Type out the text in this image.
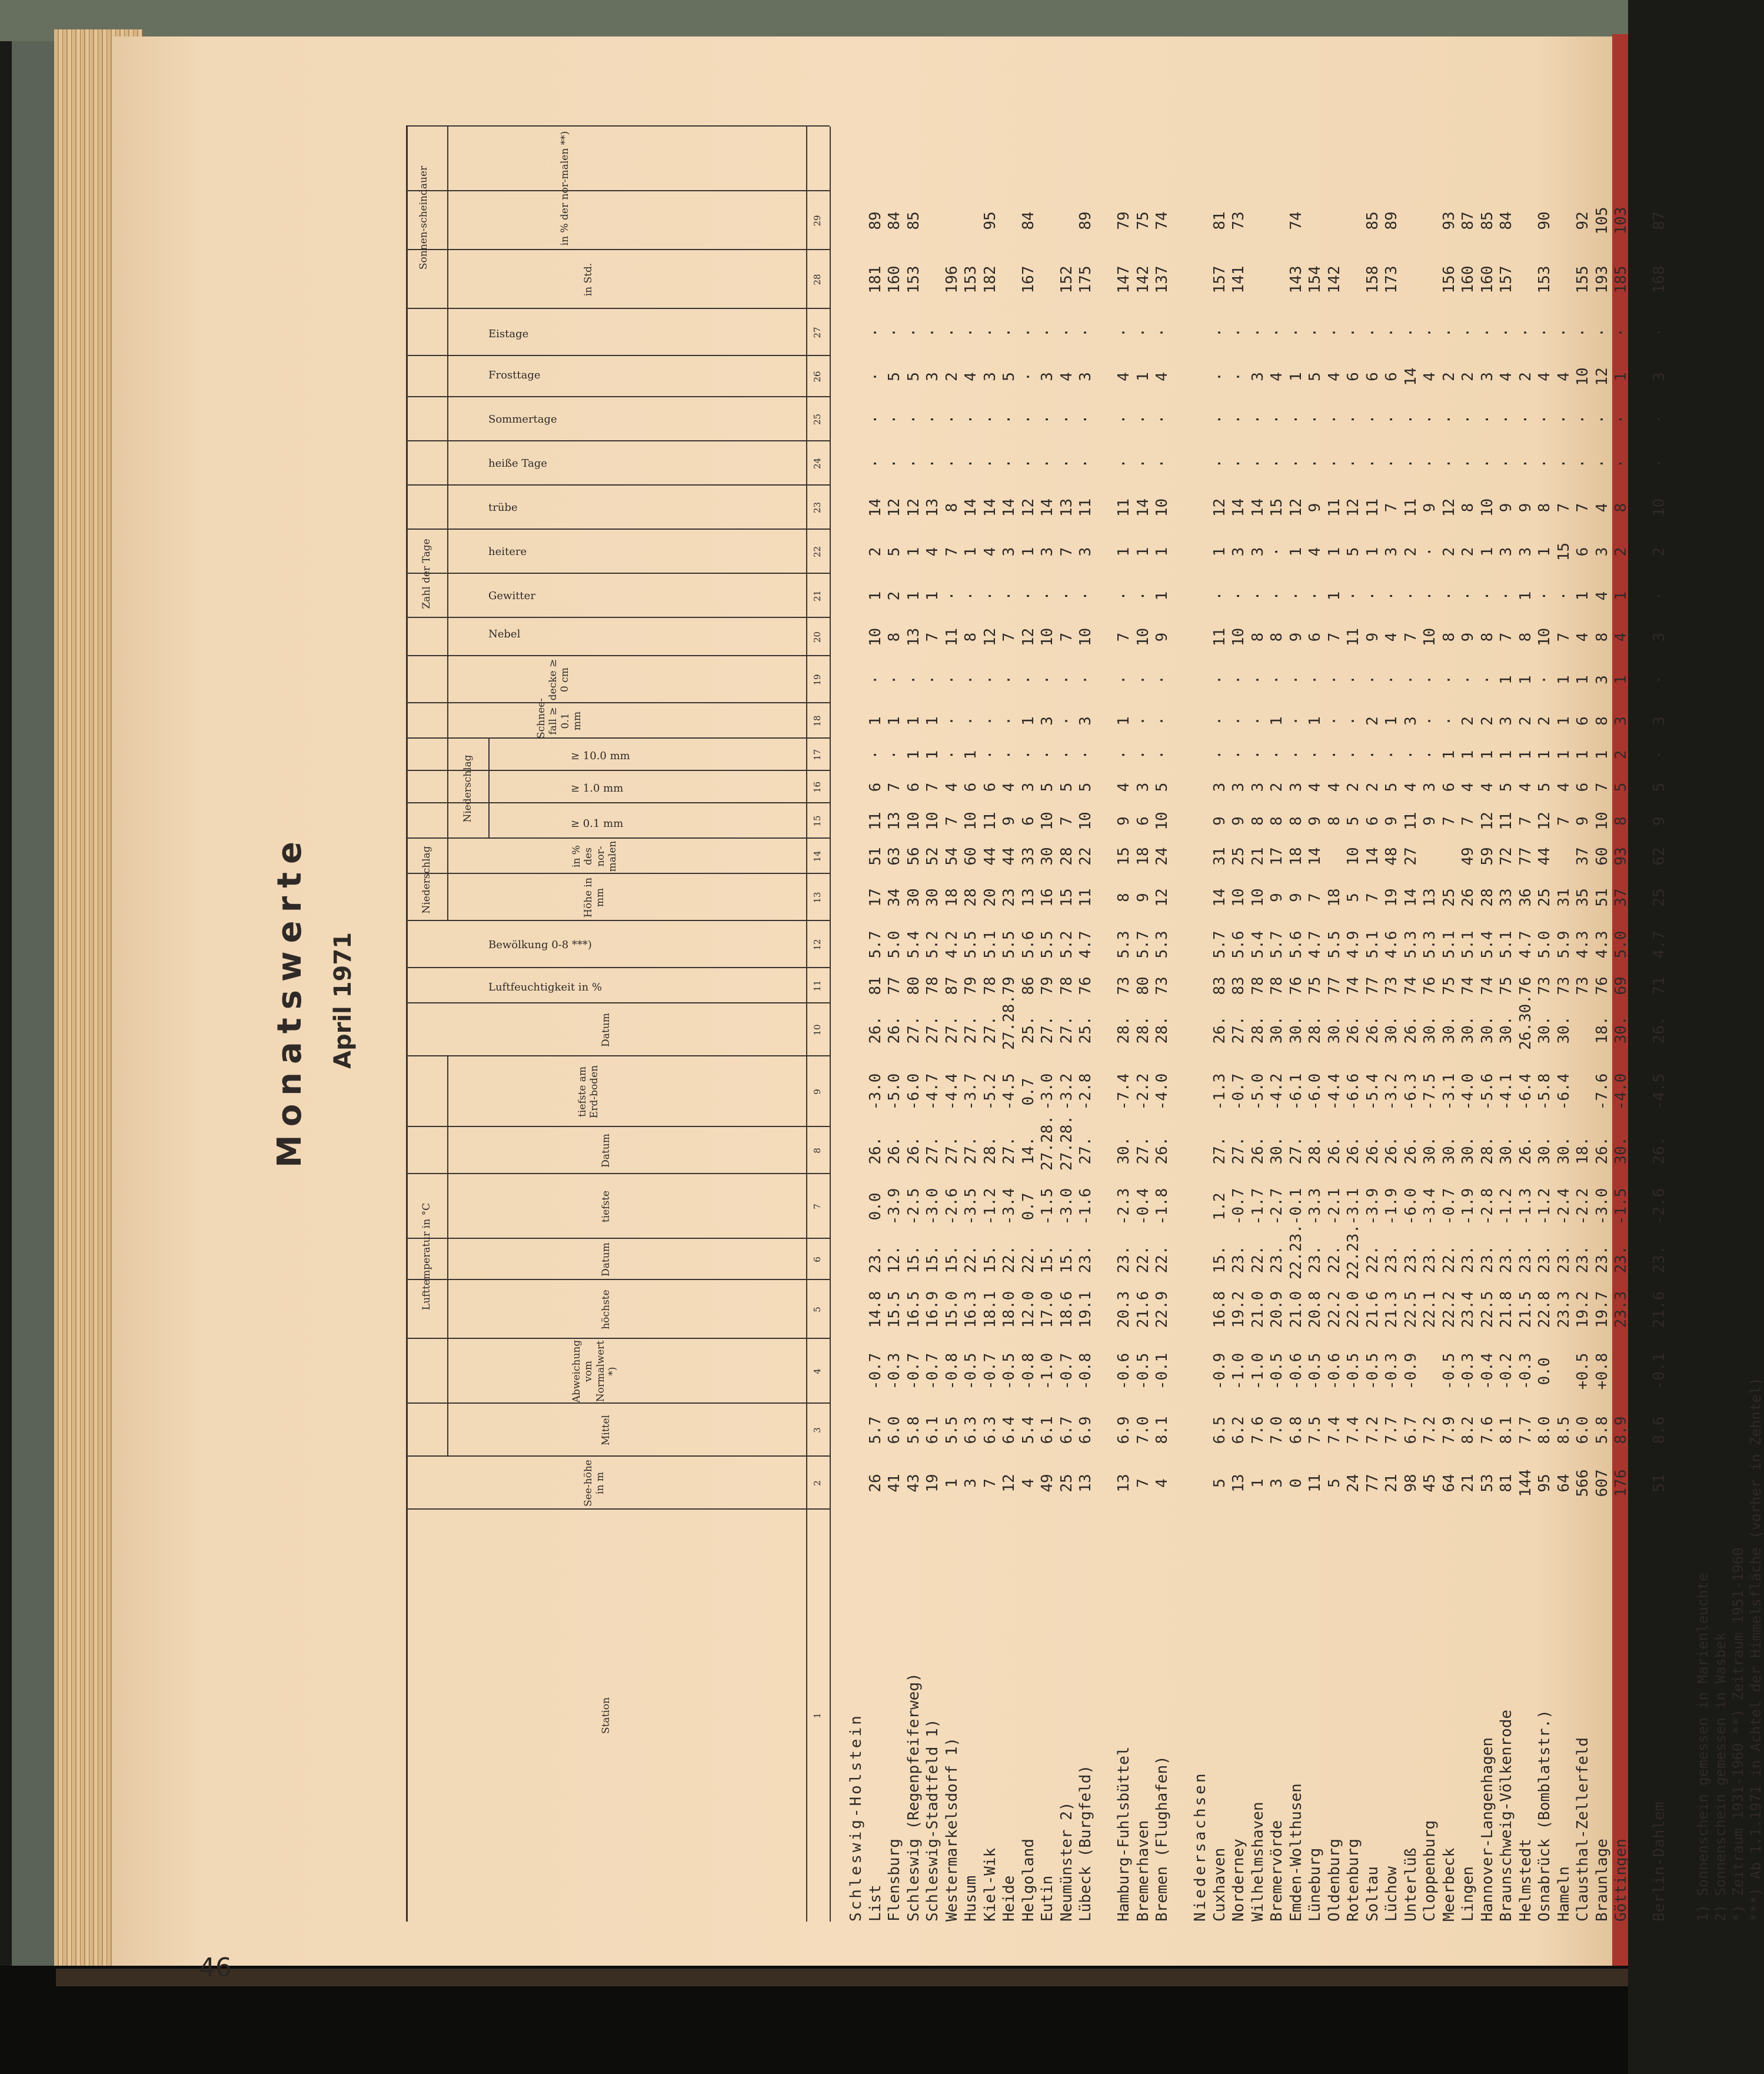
46
Monatswerte April 1971
Station
See-höhe in m
Lufttemperatur in °C
Mittel
Abweichung vom Normalwert *)
höchste
Datum
tiefste
Datum
tiefste am Erd-boden
Datum
Luftfeuchtigkeit in %
Bewölkung 0-8 ***)
Niederschlag	Höhe in mm
in % des nor-malen
Zahl der Tage
Niederschlag
≥ 0.1 mm
≥ 1.0 mm
≥ 10.0 mm
Schnee-fall ≥ 0.1 mm
decke ≥ 0 cm
Nebel
Gewitter
heitere
trübe
heiße Tage
Sommertage
Frosttage
Eistage
Sonnen-scheindauer
in Std.
in % der nor-malen **)
1
2
3
4
5
6
7
8
9
10
11
12
13
14
15
16
17
18
19
20
21
22
23
24
25
26
27
28
29
Schleswig-Holstein List
26
5.7
-0.7
14.8
23.
0.0
26.
-3.0
26.
81
5.7
17
51
11
6
·
1
·
10
1
2
14
·
·
·
·
181
89
Flensburg
41
6.0
-0.3
15.5
12.
-3.9
26.
-5.0
26.
77
5.0
34
63
13
7
·
1
·
8
2
5
12
·
·
5
·
160
84
Schleswig (Regenpfeiferweg)
43
5.8
-0.7
16.5
15.
-2.5
26.
-6.0
27.
80
5.4
30
56
10
6
1
1
·
13
1
1
12
·
·
5
·
153
85
Schleswig-Stadtfeld 1)
19
6.1
-0.7
16.9
15.
-3.0
27.
-4.7
27.
78
5.2
30
52
10
7
1
1
·
7
1
4
13
·
·
3
·
Westermarkelsdorf 1)
1
5.5
-0.8
15.0
15.
-2.6
27.
-4.4
27.
87
4.2
18
54
7
4
·
·
·
11
·
7
8
·
·
2
·
196
Husum
3
6.3
-0.5
16.3
22.
-3.5
27.
-3.7
27.
79
5.5
28
60
10
6
1
·
·
8
·
1
14
·
·
4
·
153
Kiel-Wik
7
6.3
-0.7
18.1
15.
-1.2
28.
-5.2
27.
78
5.1
20
44
11
6
·
·
·
12
·
4
14
·
·
3
·
182
95
Heide
12
6.4
-0.5
18.0
22.
-3.4
27.
-4.5
27.28.
79
5.5
23
44
9
4
·
·
·
7
·
3
14
·
·
5
·
Helgoland
4
5.4
-0.8
12.0
22.
0.7
14.
0.7
25.
86
5.6
13
33
6
3
·
1
·
12
·
1
12
·
·
·
·
167
84
Eutin
49
6.1
-1.0
17.0
15.
-1.5
27.28.
-3.0
27.
79
5.5
16
30
10
5
·
3
·
10
·
3
14
·
·
3
·
Neumünster 2)
25
6.7
-0.7
18.6
15.
-3.0
27.28.
-3.2
27.
78
5.2
15
28
7
5
·
·
·
7
·
7
13
·
·
4
·
152
Lübeck (Burgfeld)
13
6.9
-0.8
19.1
23.
-1.6
27.
-2.8
25.
76
4.7
11
22
10
5
·
3
·
10
·
3
11
·
·
3
·
175
89
Hamburg-Fuhlsbüttel
13
6.9
-0.6
20.3
23.
-2.3
30.
-7.4
28.
73
5.3
8
15
9
4
·
1
·
7
·
1
11
·
·
4
·
147
79
Bremerhaven
7
7.0
-0.5
21.6
22.
-0.4
27.
-2.2
28.
80
5.7
9
18
6
3
·
·
·
10
·
1
14
·
·
1
·
142
75
Bremen (Flughafen)
4
8.1
-0.1
22.9
22.
-1.8
26.
-4.0
28.
73
5.3
12
24
10
5
·
·
·
9
1
1
10
·
·
4
·
137
74
Niedersachsen Cuxhaven
5
6.5
-0.9
16.8
15.
1.2
27.
-1.3
26.
83
5.7
14
31
9
3
·
·
·
11
·
1
12
·
·
·
·
157
81
Norderney
13
6.2
-1.0
19.2
23.
-0.7
27.
-0.7
27.
83
5.6
10
25
9
3
·
·
·
10
·
3
14
·
·
·
·
141
73
Wilhelmshaven
1
7.6
-1.0
21.0
22.
-1.7
26.
-5.0
28.
78
5.4
10
21
8
3
·
·
·
8
·
3
14
·
·
3
·
Bremervörde
3
7.0
-0.5
20.9
23.
-2.7
30.
-4.2
30.
78
5.7
9
17
8
2
·
1
·
8
·
·
15
·
·
4
·
Emden-Wolthusen
0
6.8
-0.6
21.0
22.23.
-0.1
27.
-6.1
30.
76
5.6
9
18
8
3
·
·
·
9
·
1
12
·
·
1
·
143
74
Lüneburg
11
7.5
-0.5
20.8
23.
-3.3
28.
-6.0
28.
75
4.7
7
14
9
4
·
1
·
6
·
4
9
·
·
5
·
154
Oldenburg
5
7.4
-0.6
22.2
22.
-2.1
26.
-4.4
30.
77
5.5
18
8
4
·
·
·
7
1
1
11
·
·
4
·
142
Rotenburg
24
7.4
-0.5
22.0
22.23.
-3.1
26.
-6.6
26.
74
4.9
5
10
5
2
·
·
·
11
·
5
12
·
·
6
·
Soltau
77
7.2
-0.5
21.6
22.
-3.9
26.
-5.4
26.
77
5.1
7
14
6
2
·
2
·
9
·
1
11
·
·
6
·
158
85
Lüchow
21
7.7
-0.3
21.3
23.
-1.9
26.
-3.2
30.
73
4.6
19
48
9
5
·
1
·
4
·
3
7
·
·
6
·
173
89
Unterlüß
98
6.7
-0.9
22.5
23.
-6.0
26.
-6.3
26.
74
5.3
14
27
11
4
·
3
·
7
·
2
11
·
·
14
·
Cloppenburg
45
7.2
22.1
23.
-3.4
30.
-7.5
30.
76
5.3
13
9
3
·
·
·
10
·
·
9
·
·
4
·
Meerbeck
64
7.9
-0.5
22.2
22.
-0.7
30.
-3.1
30.
75
5.1
25
7
6
1
·
·
8
·
2
12
·
·
2
·
156
93
Lingen
21
8.2
-0.3
23.4
23.
-1.9
30.
-4.0
30.
74
5.1
26
49
7
4
1
2
·
9
·
2
8
·
·
2
·
160
87
Hannover-Langenhagen
53
7.6
-0.4
22.5
23.
-2.8
28.
-5.6
30.
74
5.4
28
59
12
4
1
2
·
8
·
1
10
·
·
3
·
160
85
Braunschweig-Völkenrode
81
8.1
-0.2
21.8
23.
-1.2
30.
-4.1
30.
75
5.1
33
72
11
5
1
3
1
7
·
3
9
·
·
4
·
157
84
Helmstedt
144
7.7
-0.3
21.5
23.
-1.3
26.
-6.4
26.30.
76
4.7
36
77
7
4
1
2
1
8
1
3
9
·
·
2
·
Osnabrück (Bomblatstr.)
95
8.0
0.0
22.8
23.
-1.2
30.
-5.8
30.
73
5.0
25
44
12
5
1
2
·
10
·
1
8
·
·
4
·
153
90
Hameln
64
8.5
23.3
23.
-2.4
30.
-6.4
30.
73
5.9
31
7
4
1
1
1
7
·
15
7
·
·
4
·
Clausthal-Zellerfeld
566
6.0
+0.5
19.2
23.
-2.2
18.
73
4.3
35
37
9
6
1
6
1
4
1
6
7
·
·
10
·
155
92
Braunlage
607
5.8
+0.8
19.7
23.
-3.0
26.
-7.6
18.
76
4.3
51
60
10
7
1
8
3
8
4
3
4
·
·
12
·
193
105
Göttingen
176
8.9
23.3
23.
-1.5
30.
-4.0
30.
69
5.0
37
93
8
5
2
3
1
4
1
2
8
·
·
1
·
185
103
Berlin-Dahlem
51
8.6
-0.1
21.6
23.
-2.6
26.
-4.5
26.
71
4.7
25
62
9
5
·
3
·
3
·
2
10
·
·
3
·
168
87
1) Sonnenschein gemessen in Marienleuchte 2) Sonnenschein gemessen in Wasbek *) Zeitraum 1931-1960 **) Zeitraum 1951-1960 ***) Ab 1.1.1971 in Achtel der Himmelsfläche (vorher in Zehntel)
